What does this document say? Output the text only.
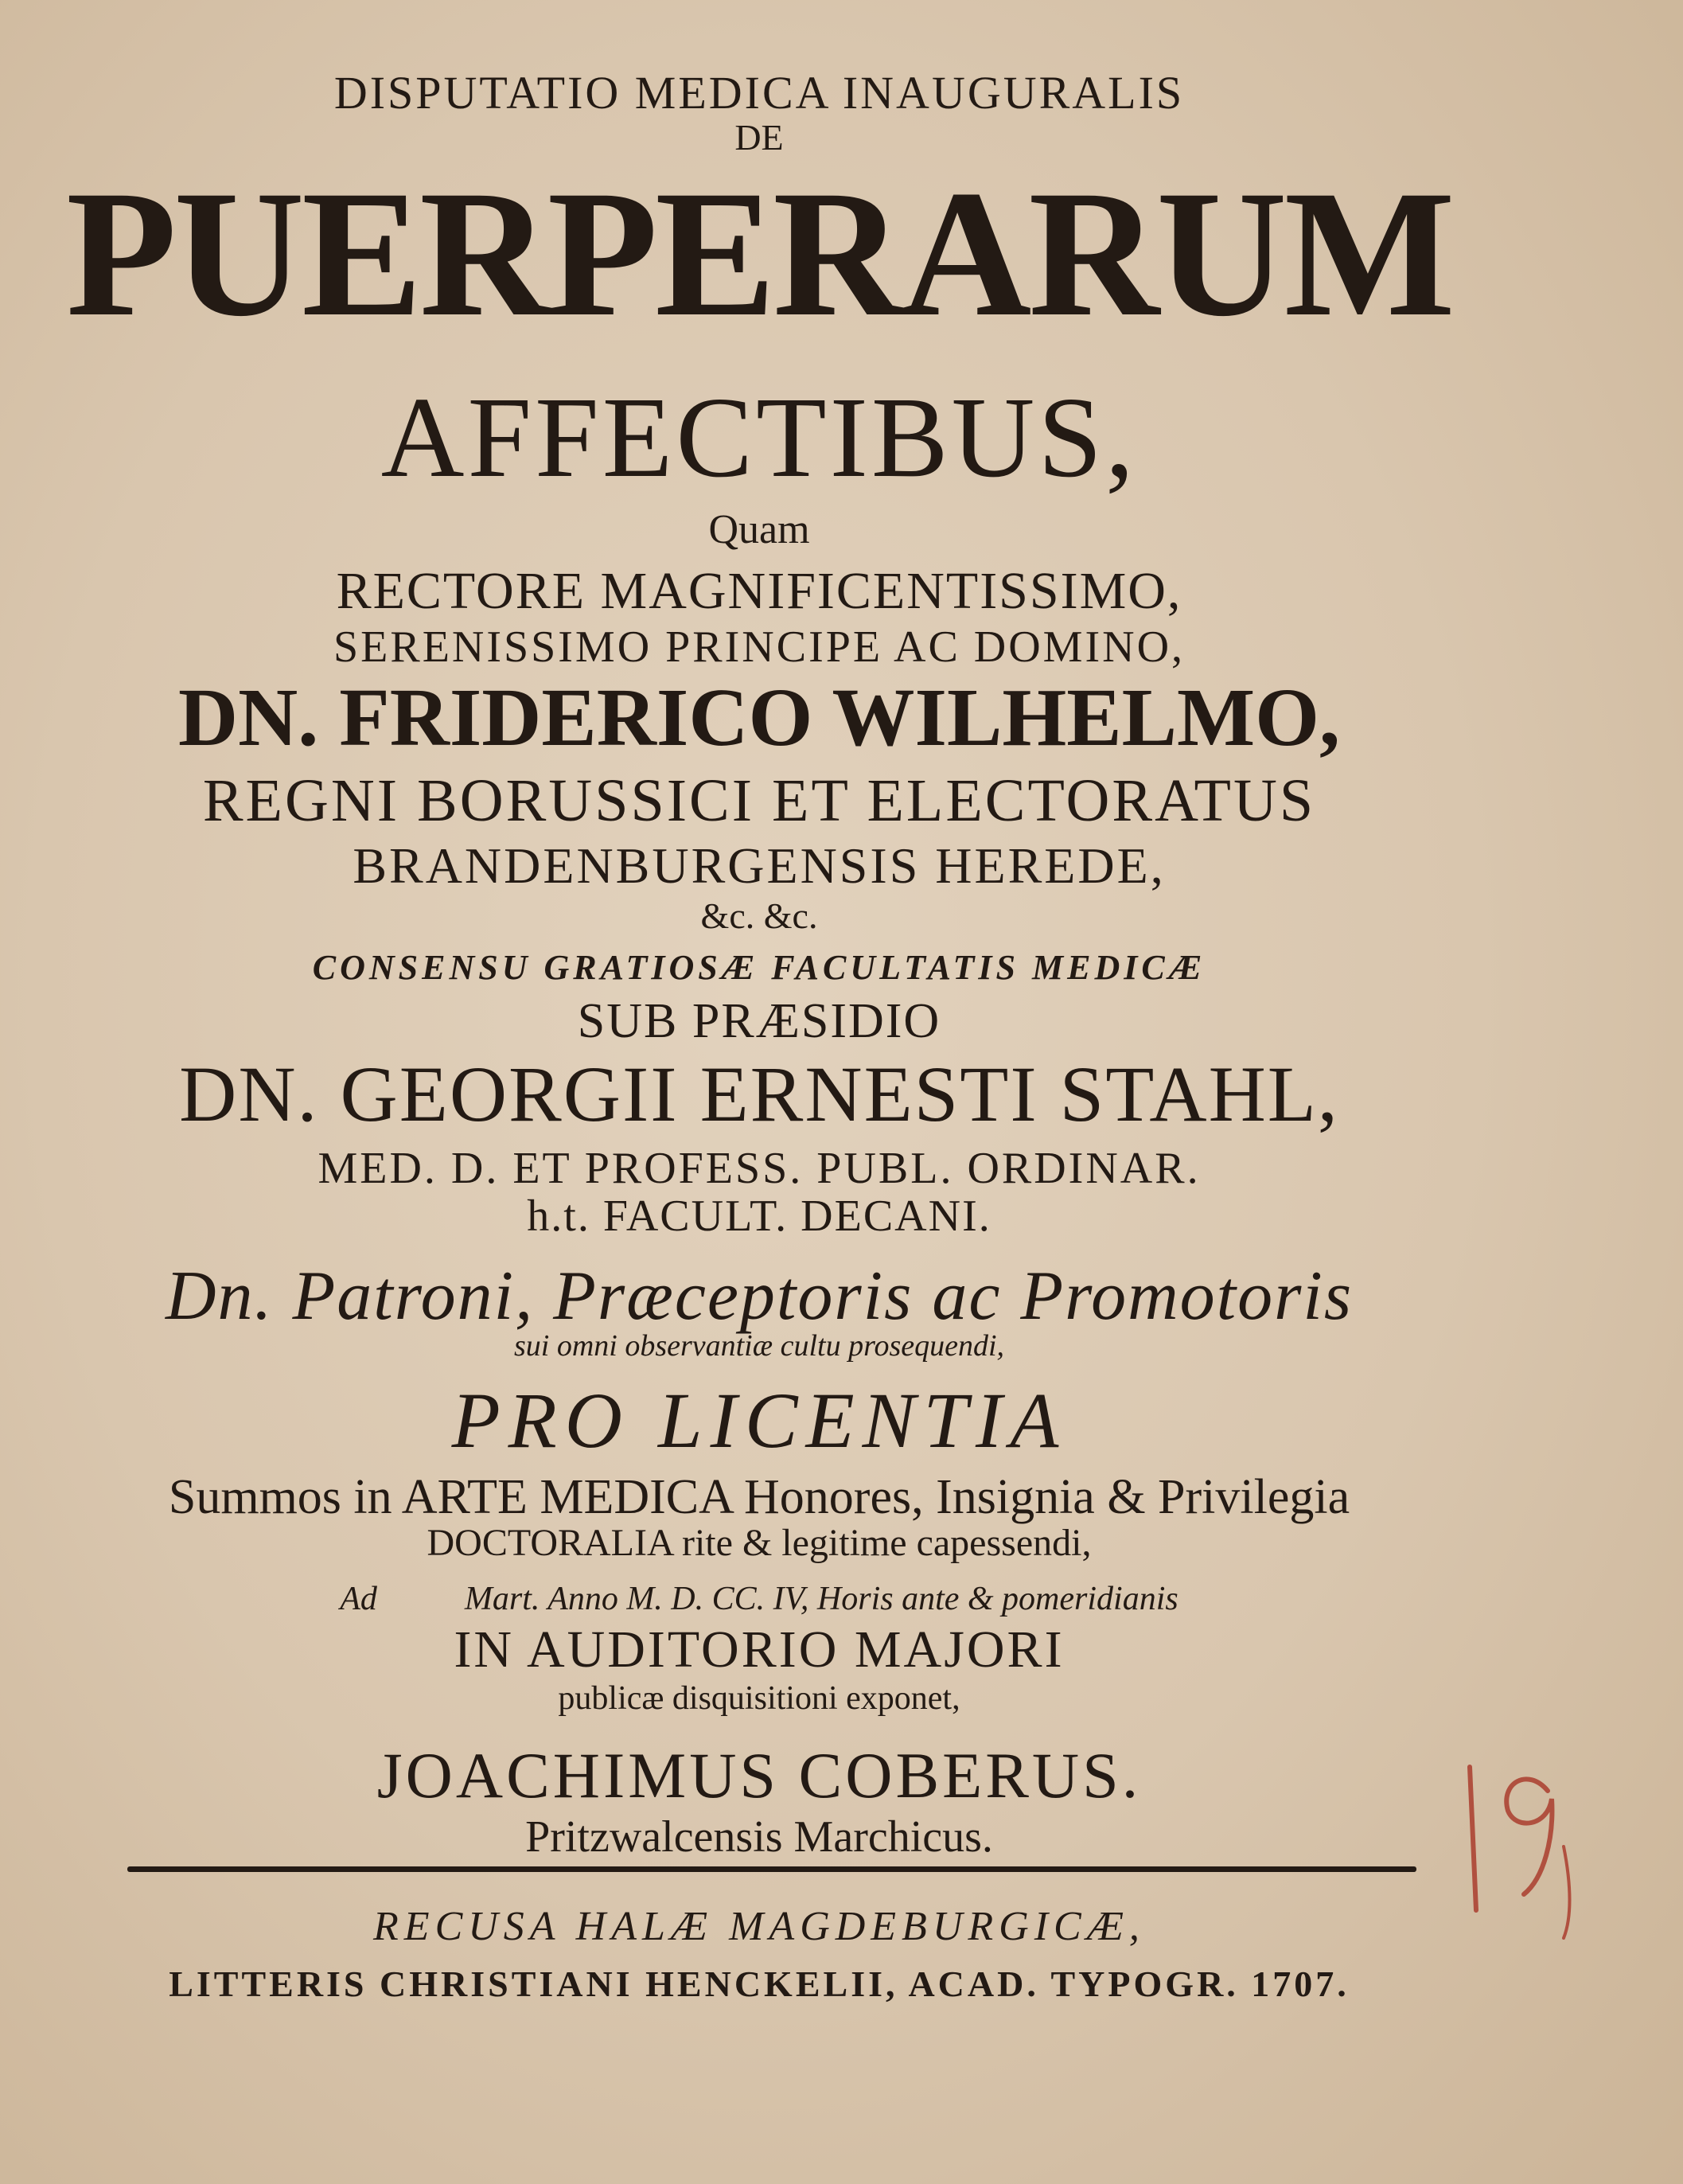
DISPUTATIO MEDICA INAUGURALIS
DE
PUERPERARUM
AFFECTIBUS,
Quam
RECTORE MAGNIFICENTISSIMO,
SERENISSIMO PRINCIPE AC DOMINO,
DN. FRIDERICO WILHELMO,
REGNI BORUSSICI ET ELECTORATUS
BRANDENBURGENSIS HEREDE,
&c. &c.
CONSENSU GRATIOSÆ FACULTATIS MEDICÆ
SUB PRÆSIDIO
DN. GEORGII ERNESTI STAHL,
MED. D. ET PROFESS. PUBL. ORDINAR.
h.t. FACULT. DECANI.
Dn. Patroni, Præceptoris ac Promotoris
sui omni observantiæ cultu prosequendi,
PRO LICENTIA
Summos in ARTE MEDICA Honores, Insignia & Privilegia
DOCTORALIA rite & legitime capessendi,
Ad	Mart. Anno M. D. CC. IV, Horis ante & pomeridianis
IN AUDITORIO MAJORI
publicæ disquisitioni exponet,
JOACHIMUS COBERUS.
Pritzwalcensis Marchicus.
RECUSA HALÆ MAGDEBURGICÆ,
LITTERIS CHRISTIANI HENCKELII, ACAD. TYPOGR. 1707.
